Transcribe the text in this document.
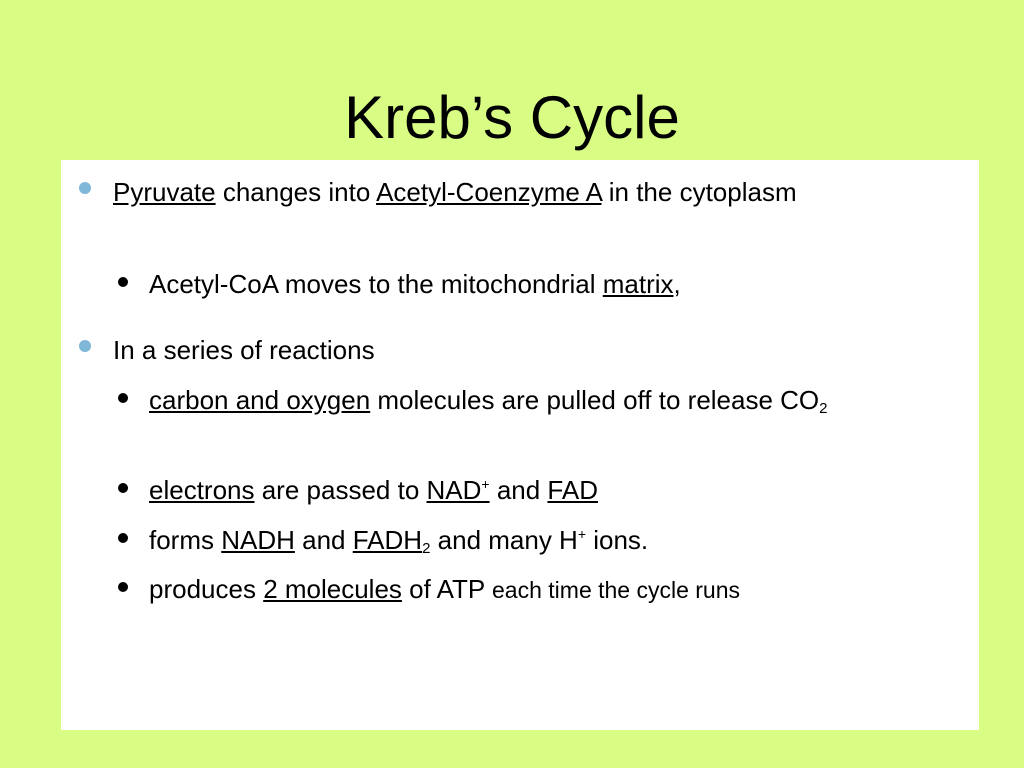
Kreb’s Cycle
Pyruvate changes into Acetyl-Coenzyme A in the cytoplasm
Acetyl-CoA moves to the mitochondrial matrix,
In a series of reactions
carbon and oxygen molecules are pulled off to release $CO_2$
electrons are passed to NAD+ and FAD
forms NADH and $FADH_2$ and many H+ ions.
produces 2 molecules of ATP each time the cycle runs
